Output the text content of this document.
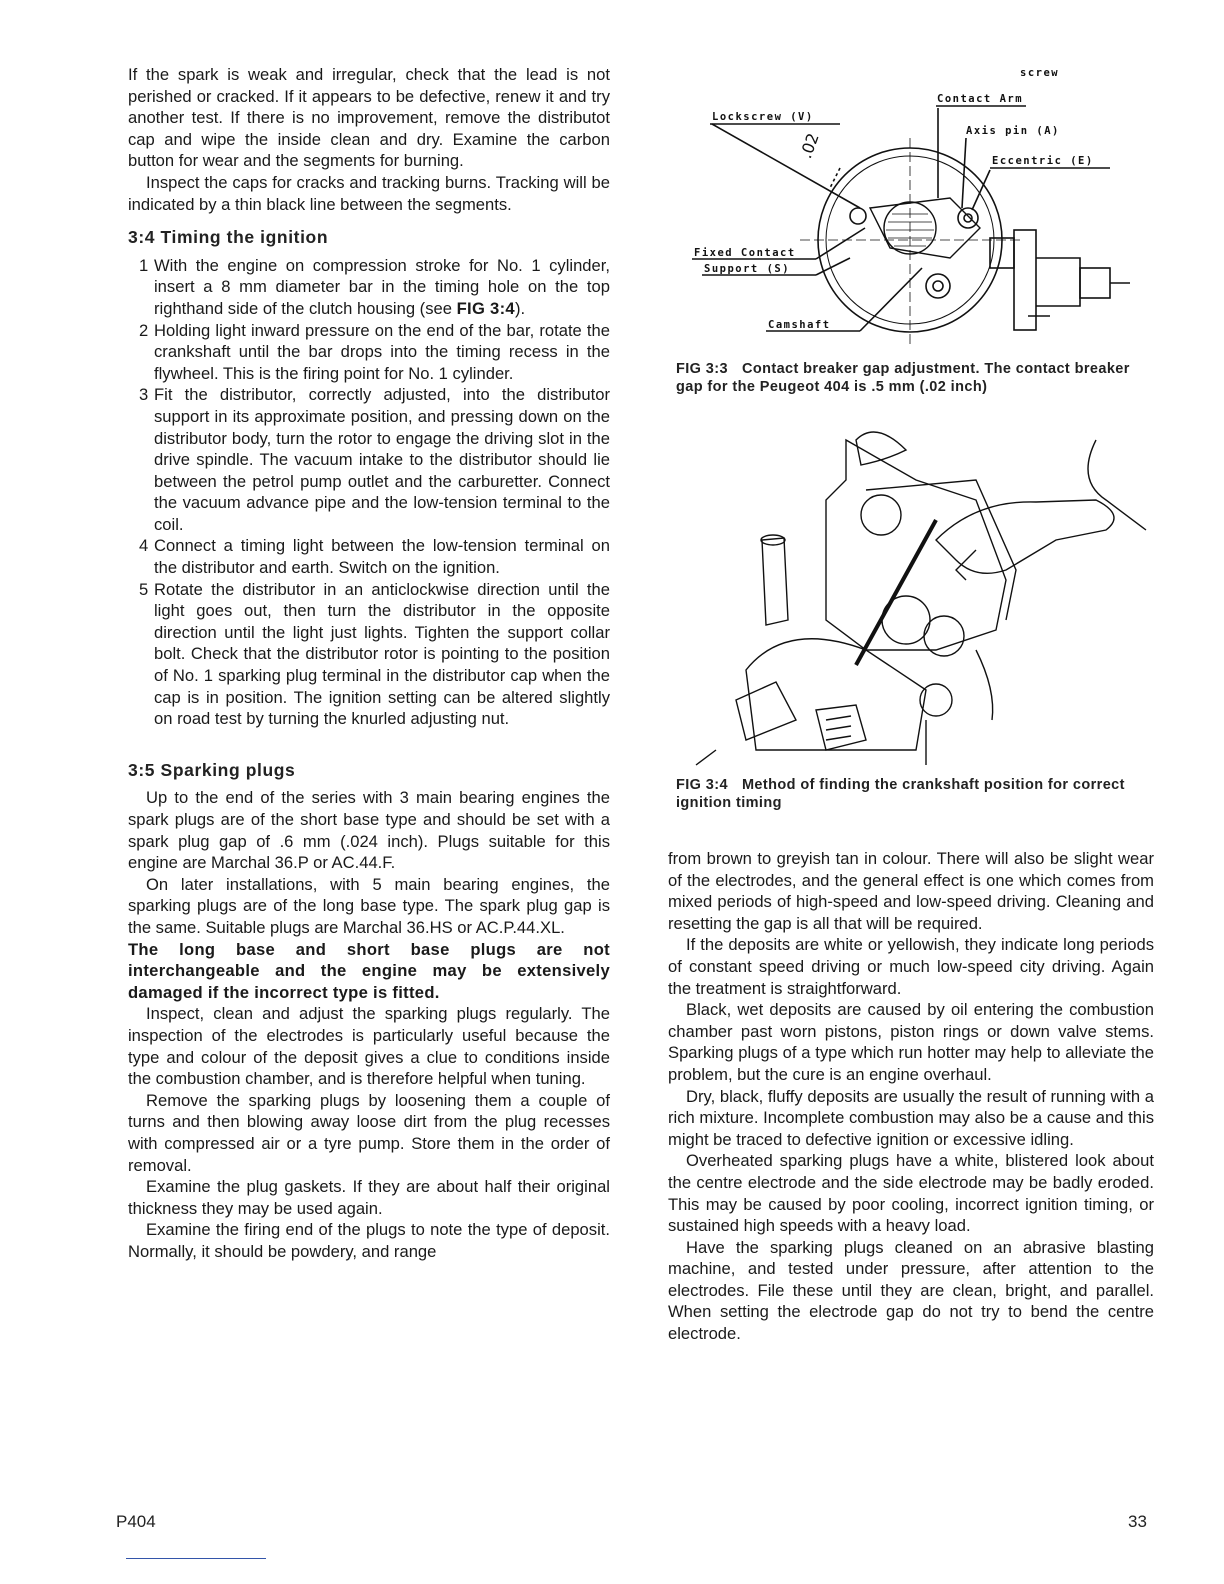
If the spark is weak and irregular, check that the lead is not perished or cracked. If it appears to be defective, renew it and try another test. If there is no improvement, remove the distributot cap and wipe the inside clean and dry. Examine the carbon button for wear and the segments for burning.

Inspect the caps for cracks and tracking burns. Tracking will be indicated by a thin black line between the segments.

3:4 Timing the ignition
1 With the engine on compression stroke for No. 1 cylinder, insert a 8 mm diameter bar in the timing hole on the top righthand side of the clutch housing (see FIG 3:4).
2 Holding light inward pressure on the end of the bar, rotate the crankshaft until the bar drops into the timing recess in the flywheel. This is the firing point for No. 1 cylinder.
3 Fit the distributor, correctly adjusted, into the distributor support in its approximate position, and pressing down on the distributor body, turn the rotor to engage the driving slot in the drive spindle. The vacuum intake to the distributor should lie between the petrol pump outlet and the carburetter. Connect the vacuum advance pipe and the low-tension terminal to the coil.
4 Connect a timing light between the low-tension terminal on the distributor and earth. Switch on the ignition.
5 Rotate the distributor in an anticlockwise direction until the light goes out, then turn the distributor in the opposite direction until the light just lights. Tighten the support collar bolt. Check that the distributor rotor is pointing to the position of No. 1 sparking plug terminal in the distributor cap when the cap is in position. The ignition setting can be altered slightly on road test by turning the knurled adjusting nut.
3:5 Sparking plugs

Up to the end of the series with 3 main bearing engines the spark plugs are of the short base type and should be set with a spark plug gap of .6 mm (.024 inch). Plugs suitable for this engine are Marchal 36.P or AC.44.F.

On later installations, with 5 main bearing engines, the sparking plugs are of the long base type. The spark plug gap is the same. Suitable plugs are Marchal 36.HS or AC.P.44.XL.

The long base and short base plugs are not interchangeable and the engine may be extensively damaged if the incorrect type is fitted.

Inspect, clean and adjust the sparking plugs regularly. The inspection of the electrodes is particularly useful because the type and colour of the deposit gives a clue to conditions inside the combustion chamber, and is therefore helpful when tuning.

Remove the sparking plugs by loosening them a couple of turns and then blowing away loose dirt from the plug recesses with compressed air or a tyre pump. Store them in the order of removal.

Examine the plug gaskets. If they are about half their original thickness they may be used again.

Examine the firing end of the plugs to note the type of deposit. Normally, it should be powdery, and range

screw
Contact Arm
Lockscrew (V)
Axis pin (A)
Eccentric (E)
Fixed Contact
Support (S)
Camshaft
.02
FIG 3:3 Contact breaker gap adjustment. The contact breaker gap for the Peugeot 404 is .5 mm (.02 inch)
FIG 3:4 Method of finding the crankshaft position for correct ignition timing

from brown to greyish tan in colour. There will also be slight wear of the electrodes, and the general effect is one which comes from mixed periods of high-speed and low-speed driving. Cleaning and resetting the gap is all that will be required.

If the deposits are white or yellowish, they indicate long periods of constant speed driving or much low-speed city driving. Again the treatment is straightforward.

Black, wet deposits are caused by oil entering the combustion chamber past worn pistons, piston rings or down valve stems. Sparking plugs of a type which run hotter may help to alleviate the problem, but the cure is an engine overhaul.

Dry, black, fluffy deposits are usually the result of running with a rich mixture. Incomplete combustion may also be a cause and this might be traced to defective ignition or excessive idling.

Overheated sparking plugs have a white, blistered look about the centre electrode and the side electrode may be badly eroded. This may be caused by poor cooling, incorrect ignition timing, or sustained high speeds with a heavy load.

Have the sparking plugs cleaned on an abrasive blasting machine, and tested under pressure, after attention to the electrodes. File these until they are clean, bright, and parallel. When setting the electrode gap do not try to bend the centre electrode.

P404	33
